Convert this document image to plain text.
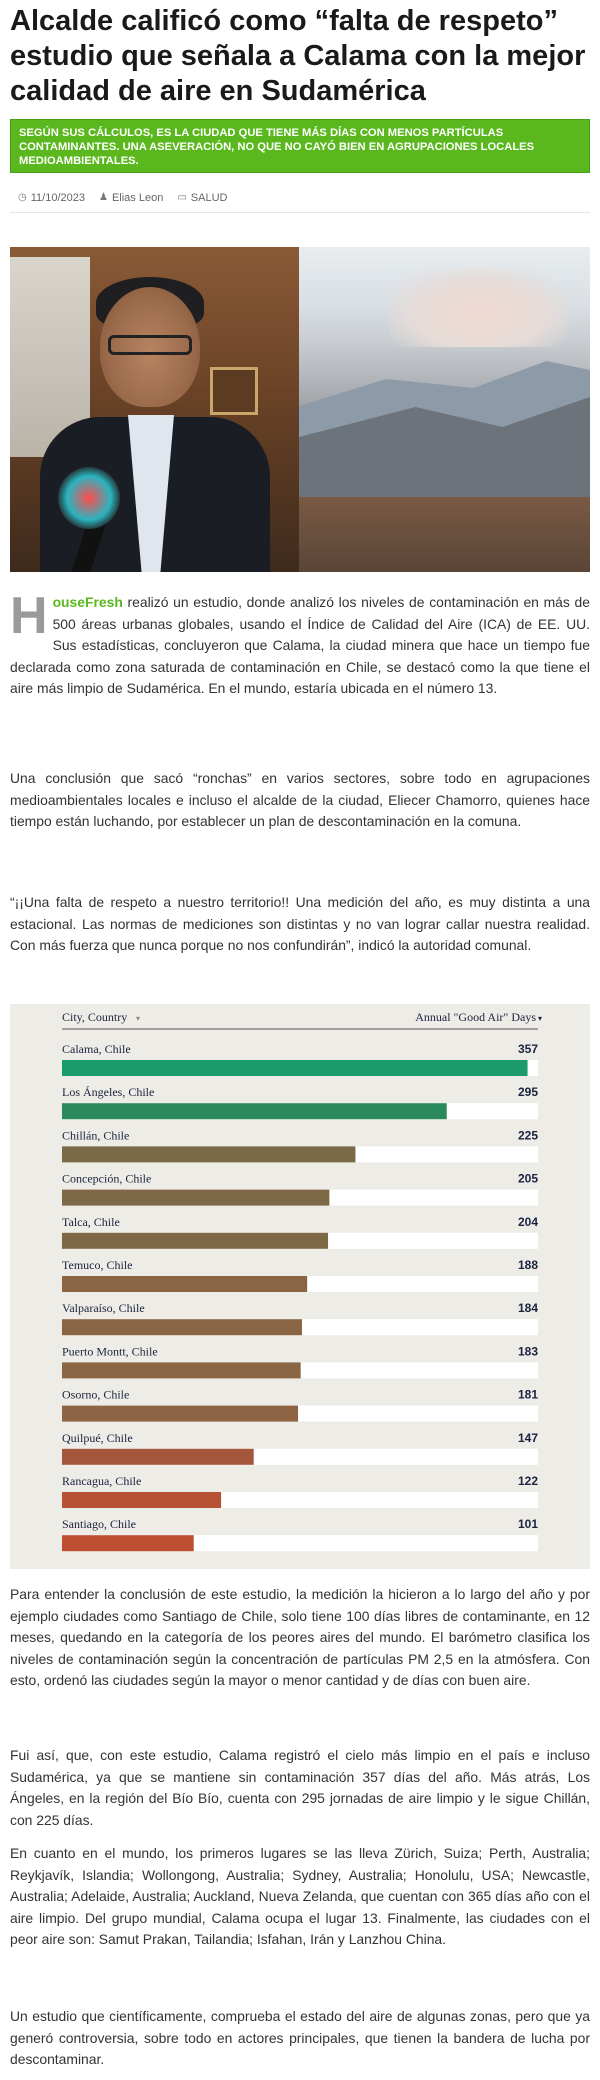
Alcalde calificó como “falta de respeto” estudio que señala a Calama con la mejor calidad de aire en Sudamérica
SEGÚN SUS CÁLCULOS, ES LA CIUDAD QUE TIENE MÁS DÍAS CON MENOS PARTÍCULAS CONTAMINANTES. UNA ASEVERACIÓN, NO QUE NO CAYÓ BIEN EN AGRUPACIONES LOCALES MEDIOAMBIENTALES.
◷ 11/10/2023 ♟ Elias Leon ▭ SALUD

HouseFresh realizó un estudio, donde analizó los niveles de contaminación en más de 500 áreas urbanas globales, usando el Índice de Calidad del Aire (ICA) de EE. UU. Sus estadísticas, concluyeron que Calama, la ciudad minera que hace un tiempo fue declarada como zona saturada de contaminación en Chile, se destacó como la que tiene el aire más limpio de Sudamérica. En el mundo, estaría ubicada en el número 13.

Una conclusión que sacó “ronchas” en varios sectores, sobre todo en agrupaciones medioambientales locales e incluso el alcalde de la ciudad, Eliecer Chamorro, quienes hace tiempo están luchando, por establecer un plan de descontaminación en la comuna.

“¡¡Una falta de respeto a nuestro territorio!! Una medición del año, es muy distinta a una estacional. Las normas de mediciones son distintas y no van lograr callar nuestra realidad. Con más fuerza que nunca porque no nos confundirán”, indicó la autoridad comunal.

City, Country ▾	Annual "Good Air" Days ▾
Calama, Chile	357
Los Ángeles, Chile	295
Chillán, Chile	225
Concepción, Chile	205
Talca, Chile	204
Temuco, Chile	188
Valparaíso, Chile	184
Puerto Montt, Chile	183
Osorno, Chile	181
Quilpué, Chile	147
Rancagua, Chile	122
Santiago, Chile	101

Para entender la conclusión de este estudio, la medición la hicieron a lo largo del año y por ejemplo ciudades como Santiago de Chile, solo tiene 100 días libres de contaminante, en 12 meses, quedando en la categoría de los peores aires del mundo. El barómetro clasifica los niveles de contaminación según la concentración de partículas PM 2,5 en la atmósfera. Con esto, ordenó las ciudades según la mayor o menor cantidad y de días con buen aire.

Fui así, que, con este estudio, Calama registró el cielo más limpio en el país e incluso Sudamérica, ya que se mantiene sin contaminación 357 días del año. Más atrás, Los Ángeles, en la región del Bío Bío, cuenta con 295 jornadas de aire limpio y le sigue Chillán, con 225 días.

En cuanto en el mundo, los primeros lugares se las lleva Zürich, Suiza; Perth, Australia; Reykjavík, Islandia; Wollongong, Australia; Sydney, Australia; Honolulu, USA; Newcastle, Australia; Adelaide, Australia; Auckland, Nueva Zelanda, que cuentan con 365 días año con el aire limpio. Del grupo mundial, Calama ocupa el lugar 13. Finalmente, las ciudades con el peor aire son: Samut Prakan, Tailandia; Isfahan, Irán y Lanzhou China.

Un estudio que científicamente, comprueba el estado del aire de algunas zonas, pero que ya generó controversia, sobre todo en actores principales, que tienen la bandera de lucha por descontaminar.
